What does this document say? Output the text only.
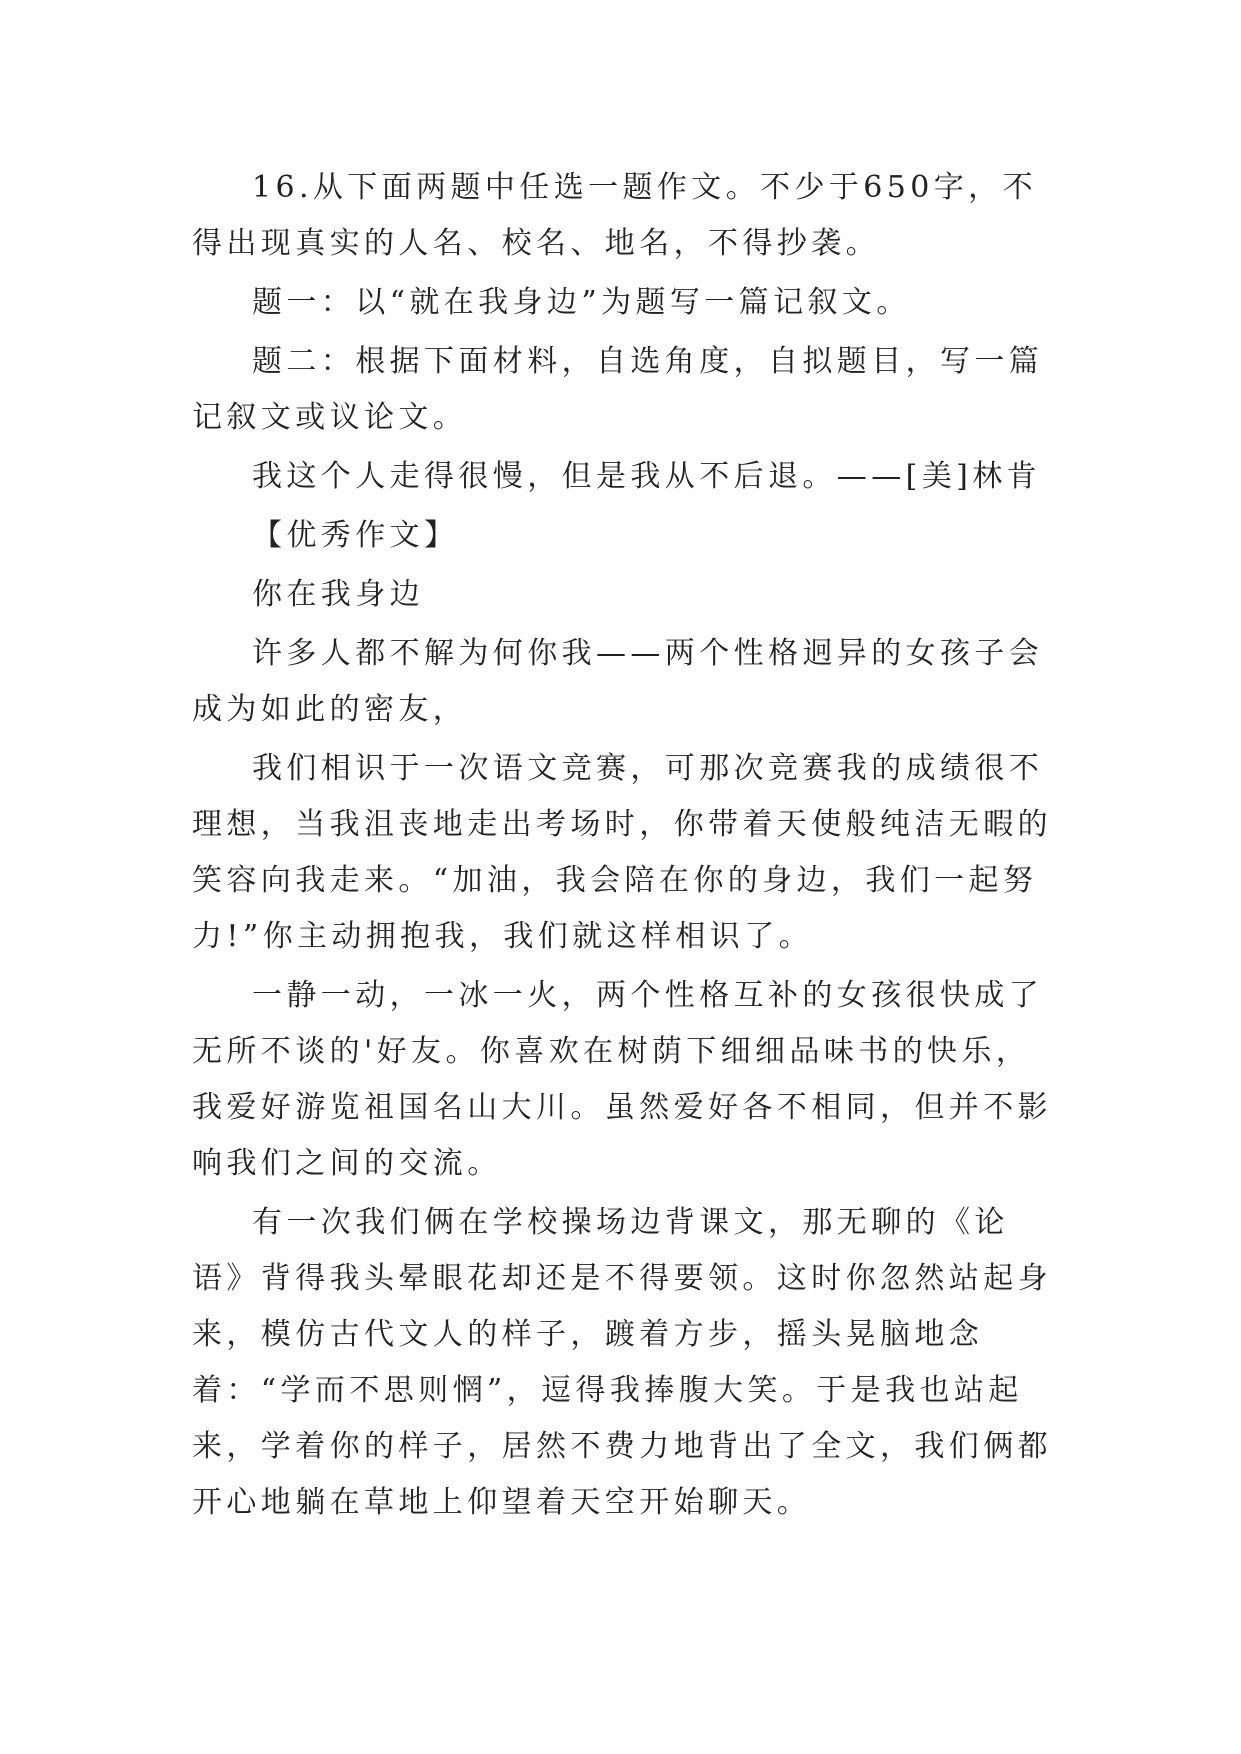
16.从下面两题中任选一题作文。不少于650字，不得出现真实的人名、校名、地名，不得抄袭。

题一：以“就在我身边”为题写一篇记叙文。

题二：根据下面材料，自选角度，自拟题目，写一篇记叙文或议论文。

我这个人走得很慢，但是我从不后退。——[美]林肯

【优秀作文】

你在我身边

许多人都不解为何你我——两个性格迥异的女孩子会成为如此的密友，

我们相识于一次语文竞赛，可那次竞赛我的成绩很不理想，当我沮丧地走出考场时，你带着天使般纯洁无暇的笑容向我走来。“加油，我会陪在你的身边，我们一起努力!”你主动拥抱我，我们就这样相识了。

一静一动，一冰一火，两个性格互补的女孩很快成了无所不谈的'好友。你喜欢在树荫下细细品味书的快乐，我爱好游览祖国名山大川。虽然爱好各不相同，但并不影响我们之间的交流。

有一次我们俩在学校操场边背课文，那无聊的《论语》背得我头晕眼花却还是不得要领。这时你忽然站起身来，模仿古代文人的样子，踱着方步，摇头晃脑地念着：“学而不思则惘”，逗得我捧腹大笑。于是我也站起来，学着你的样子，居然不费力地背出了全文，我们俩都开心地躺在草地上仰望着天空开始聊天。
